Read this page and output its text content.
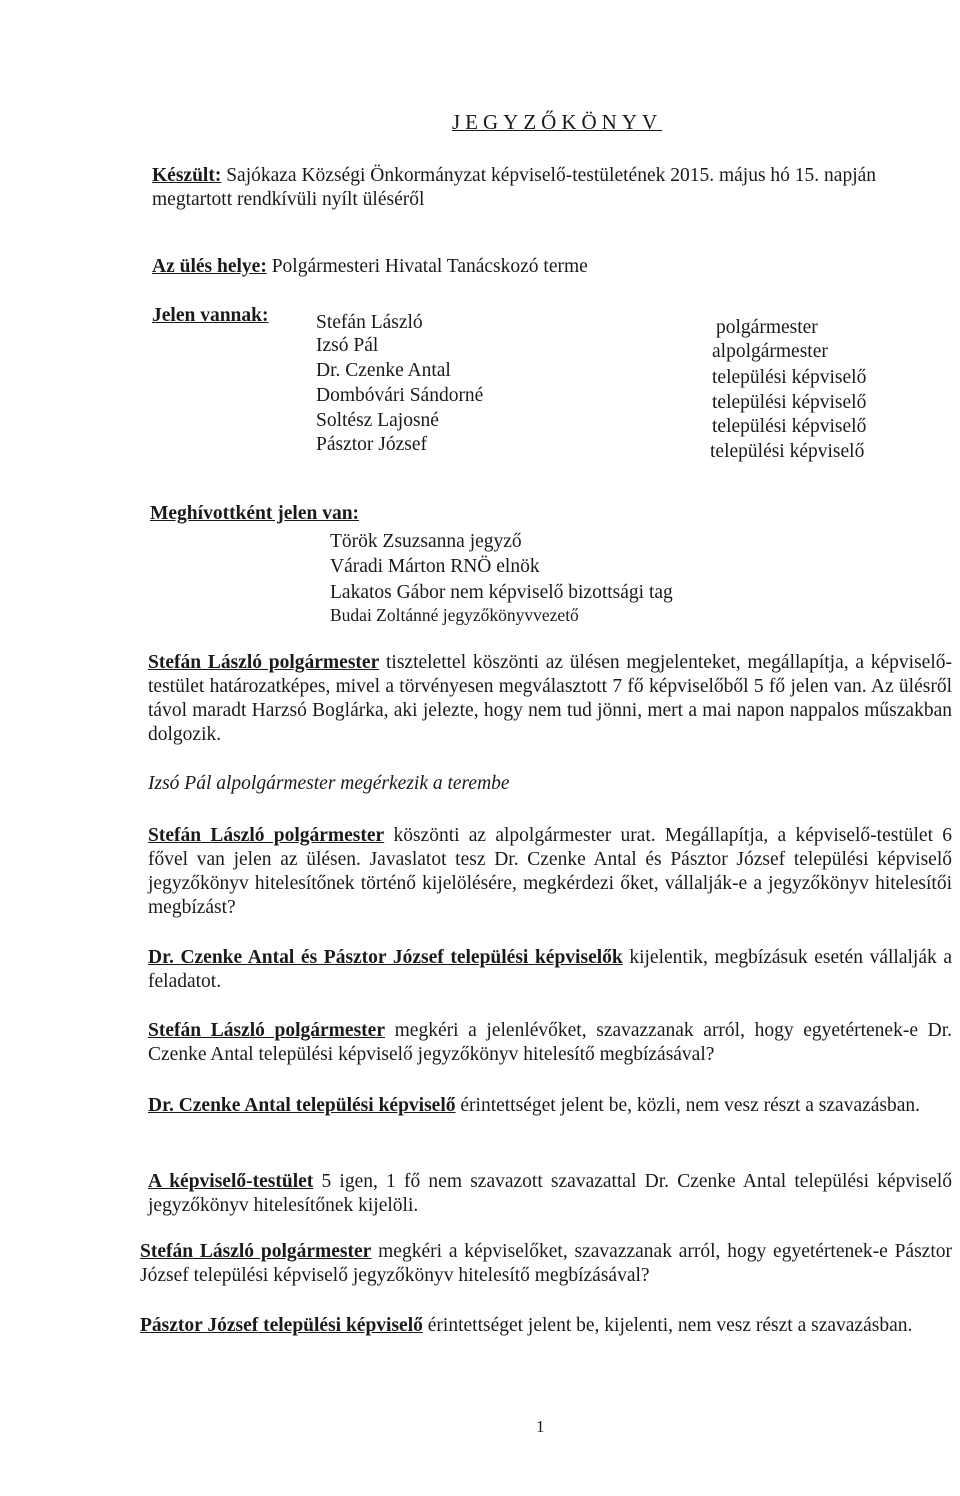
JEGYZŐKÖNYV
Készült: Sajókaza Községi Önkormányzat képviselő-testületének 2015. május hó 15. napján megtartott rendkívüli nyílt üléséről
Az ülés helye: Polgármesteri Hivatal Tanácskozó terme
Jelen vannak: Stefán László
Izsó Pál
Dr. Czenke Antal
Dombóvári Sándorné
Soltész Lajosné
Pásztor József
polgármester
alpolgármester
települési képviselő
települési képviselő
települési képviselő
települési képviselő
Meghívottként jelen van:
Török Zsuzsanna jegyző
Váradi Márton RNÖ elnök
Lakatos Gábor nem képviselő bizottsági tag
Budai Zoltánné jegyzőkönyvvezető
Stefán László polgármester tisztelettel köszönti az ülésen megjelenteket, megállapítja, a képviselő-testület határozatképes, mivel a törvényesen megválasztott 7 fő képviselőből 5 fő jelen van. Az ülésről távol maradt Harzsó Boglárka, aki jelezte, hogy nem tud jönni, mert a mai napon nappalos műszakban dolgozik.
Izsó Pál alpolgármester megérkezik a terembe
Stefán László polgármester köszönti az alpolgármester urat. Megállapítja, a képviselő-testület 6 fővel van jelen az ülésen. Javaslatot tesz Dr. Czenke Antal és Pásztor József települési képviselő jegyzőkönyv hitelesítőnek történő kijelölésére, megkérdezi őket, vállalják-e a jegyzőkönyv hitelesítői megbízást?
Dr. Czenke Antal és Pásztor József települési képviselők kijelentik, megbízásuk esetén vállalják a feladatot.
Stefán László polgármester megkéri a jelenlévőket, szavazzanak arról, hogy egyetértenek-e Dr. Czenke Antal települési képviselő jegyzőkönyv hitelesítő megbízásával?
Dr. Czenke Antal települési képviselő érintettséget jelent be, közli, nem vesz részt a szavazásban.
A képviselő-testület 5 igen, 1 fő nem szavazott szavazattal Dr. Czenke Antal települési képviselő jegyzőkönyv hitelesítőnek kijelöli.
Stefán László polgármester megkéri a képviselőket, szavazzanak arról, hogy egyetértenek-e Pásztor József települési képviselő jegyzőkönyv hitelesítő megbízásával?
Pásztor József települési képviselő érintettséget jelent be, kijelenti, nem vesz részt a szavazásban.
1
